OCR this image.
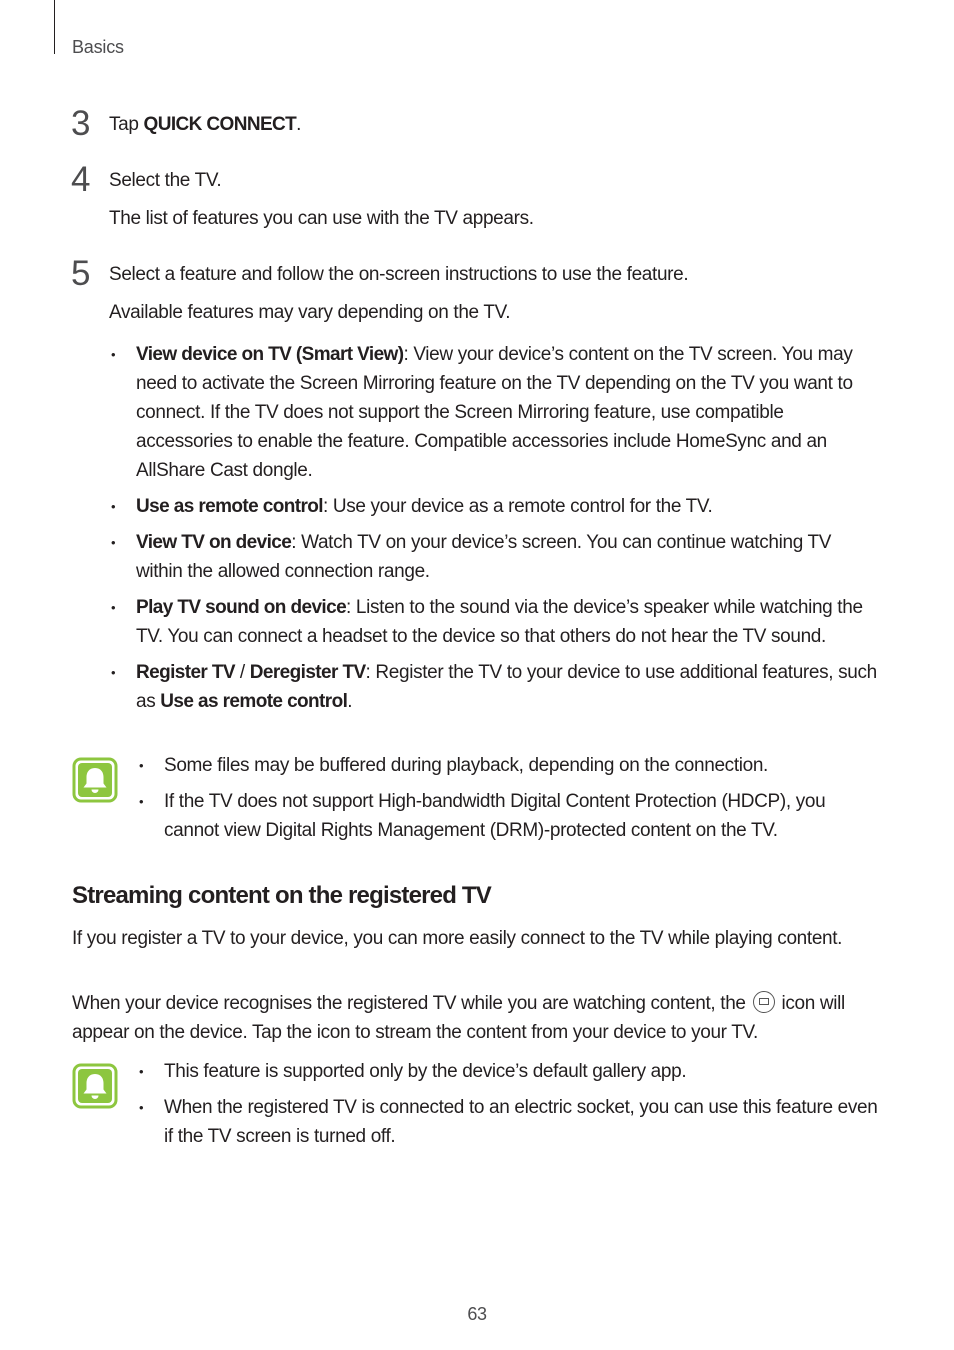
Basics
3 Tap QUICK CONNECT.

4 Select the TV.

The list of features you can use with the TV appears.

5 Select a feature and follow the on-screen instructions to use the feature.

Available features may vary depending on the TV.

• View device on TV (Smart View): View your device’s content on the TV screen. You may need to activate the Screen Mirroring feature on the TV depending on the TV you want to connect. If the TV does not support the Screen Mirroring feature, use compatible accessories to enable the feature. Compatible accessories include HomeSync and an AllShare Cast dongle.
• Use as remote control: Use your device as a remote control for the TV.
• View TV on device: Watch TV on your device’s screen. You can continue watching TV within the allowed connection range.
• Play TV sound on device: Listen to the sound via the device’s speaker while watching the TV. You can connect a headset to the device so that others do not hear the TV sound.
• Register TV / Deregister TV: Register the TV to your device to use additional features, such as Use as remote control.
• Some files may be buffered during playback, depending on the connection.
• If the TV does not support High-bandwidth Digital Content Protection (HDCP), you cannot view Digital Rights Management (DRM)-protected content on the TV.
Streaming content on the registered TV

If you register a TV to your device, you can more easily connect to the TV while playing content.

When your device recognises the registered TV while you are watching content, the icon will appear on the device. Tap the icon to stream the content from your device to your TV.

• This feature is supported only by the device’s default gallery app.
• When the registered TV is connected to an electric socket, you can use this feature even if the TV screen is turned off.
63
